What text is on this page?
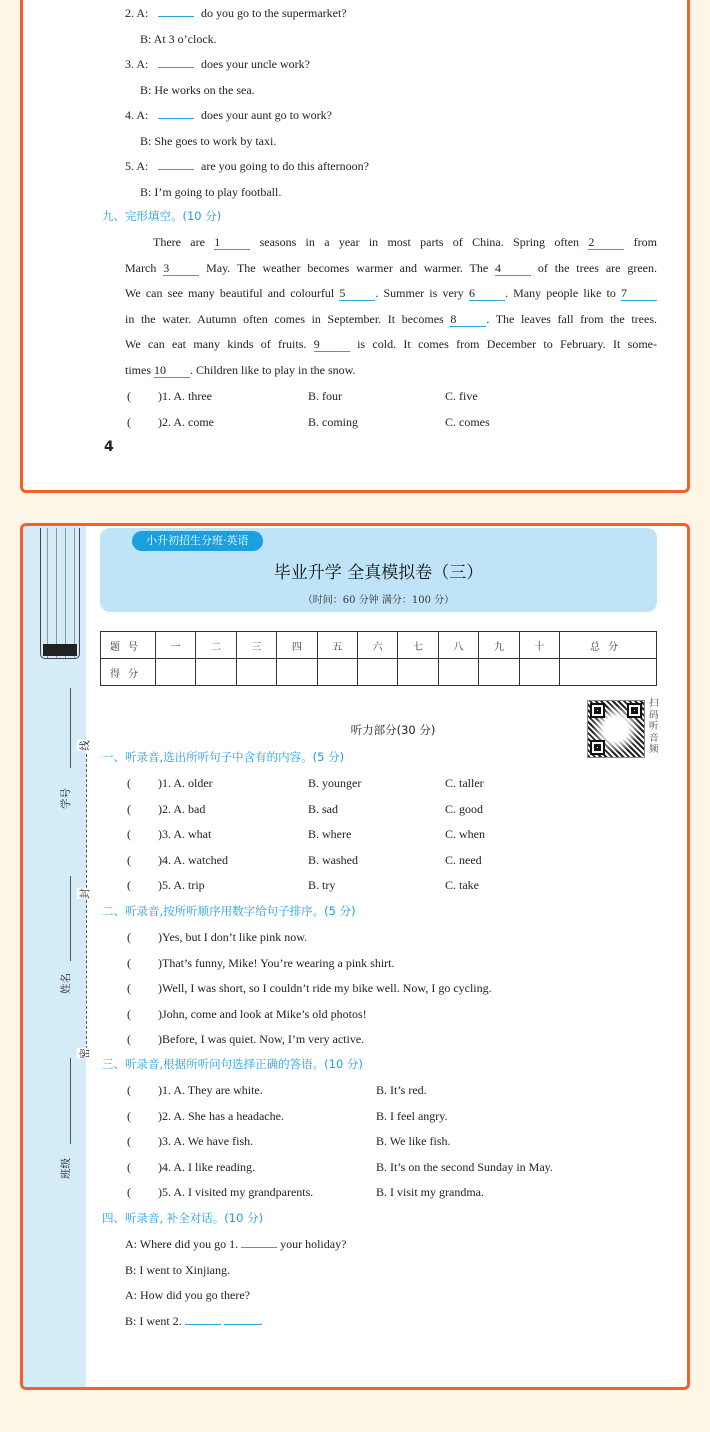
九、完形填空。(10 分)
4
2. A:	do you go to the supermarket?
B: At 3 o’clock.
3. A:	does your uncle work?
B: He works on the sea.
4. A:	does your aunt go to work?
B: She goes to work by taxi.
5. A:	are you going to do this afternoon?
B: I’m going to play football.
There are 1	seasons in a year in most parts of China. Spring often 2	from
March 3	May. The weather becomes warmer and warmer. The 4	of the trees are green.
We can see many beautiful and colourful 5	. Summer is very 6	. Many people like to 7
in the water. Autumn often comes in September. It becomes 8	. The leaves fall from the trees.
We can eat many kinds of fruits. 9	is cold. It comes from December to February. It some-
times 10 . Children like to play in the snow.
( )1. A. three	B. four	C. five
( )2. A. come	B. coming	C. comes
学号
姓名
班级
线
封
密
小升初招生分班·英语
毕业升学 全真模拟卷（三）
（时间：60 分钟 满分：100 分）
题号	一	二	三	四	五	六	七	八	九	十	总分
得分											
扫码听音频
听力部分(30 分)
一、听录音,选出所听句子中含有的内容。(5 分)
( )1. A. older	B. younger	C. taller
( )2. A. bad	B. sad	C. good
( )3. A. what	B. where	C. when
( )4. A. watched	B. washed	C. need
( )5. A. trip	B. try	C. take
二、听录音,按所听顺序用数字给句子排序。(5 分)
( )Yes, but I don’t like pink now.
( )That’s funny, Mike! You’re wearing a pink shirt.
( )Well, I was short, so I couldn’t ride my bike well. Now, I go cycling.
( )John, come and look at Mike’s old photos!
( )Before, I was quiet. Now, I’m very active.
三、听录音,根据所听问句选择正确的答语。(10 分)
( )1. A. They are white.	B. It’s red.
( )2. A. She has a headache.	B. I feel angry.
( )3. A. We have fish.	B. We like fish.
( )4. A. I like reading.	B. It’s on the second Sunday in May.
( )5. A. I visited my grandparents.	B. I visit my grandma.
四、听录音, 补全对话。(10 分)
A: Where did you go 1.	your holiday?
B: I went to Xinjiang.
A: How did you go there?
B: I went 2.	.
